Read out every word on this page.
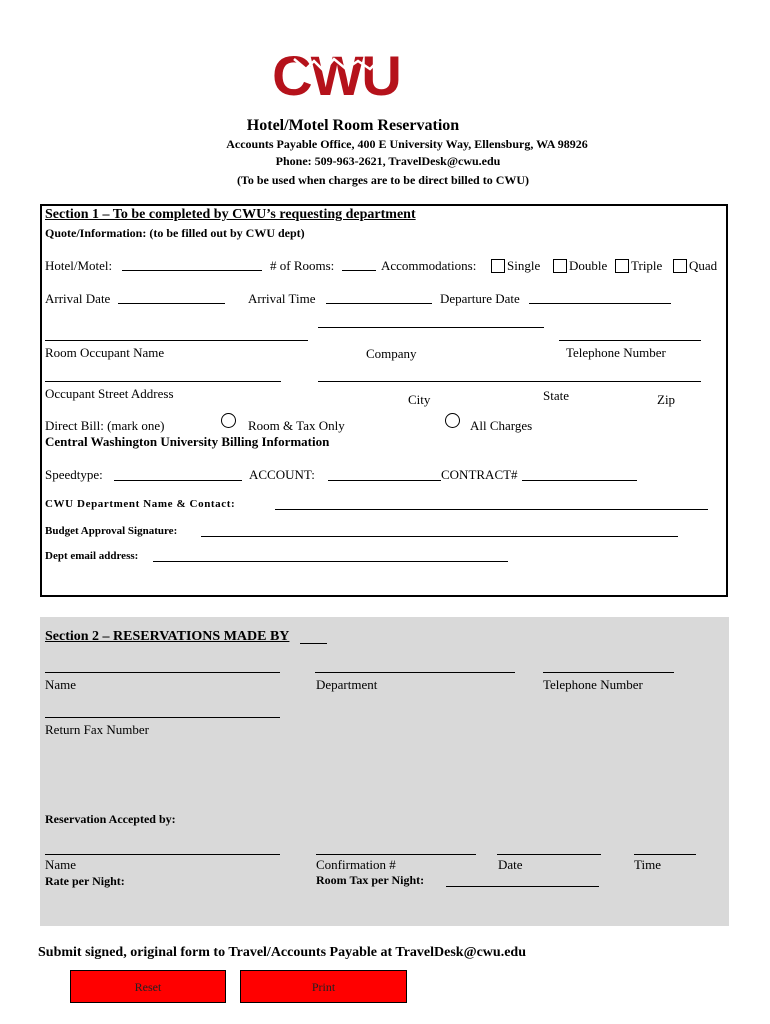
CWU
Hotel/Motel Room Reservation
Accounts Payable Office, 400 E University Way, Ellensburg, WA 98926
Phone: 509-963-2621, TravelDesk@cwu.edu
(To be used when charges are to be direct billed to CWU)
Section 1 – To be completed by CWU’s requesting department
Quote/Information: (to be filled out by CWU dept)
Hotel/Motel:	# of Rooms:	Accommodations: Single Double Triple Quad
Arrival Date	Arrival Time	Departure Date
Room Occupant Name	Company	Telephone Number
Occupant Street Address	City	State	Zip
Direct Bill: (mark one)	Room & Tax Only	All Charges
Central Washington University Billing Information
Speedtype:	ACCOUNT:	CONTRACT#
CWU Department Name & Contact:
Budget Approval Signature:
Dept email address:
Section 2 – RESERVATIONS MADE BY
Name	Department	Telephone Number
Return Fax Number
Reservation Accepted by:
Name	Confirmation #	Date	Time
Rate per Night:	Room Tax per Night:
Submit signed, original form to Travel/Accounts Payable at TravelDesk@cwu.edu
Reset	Print
